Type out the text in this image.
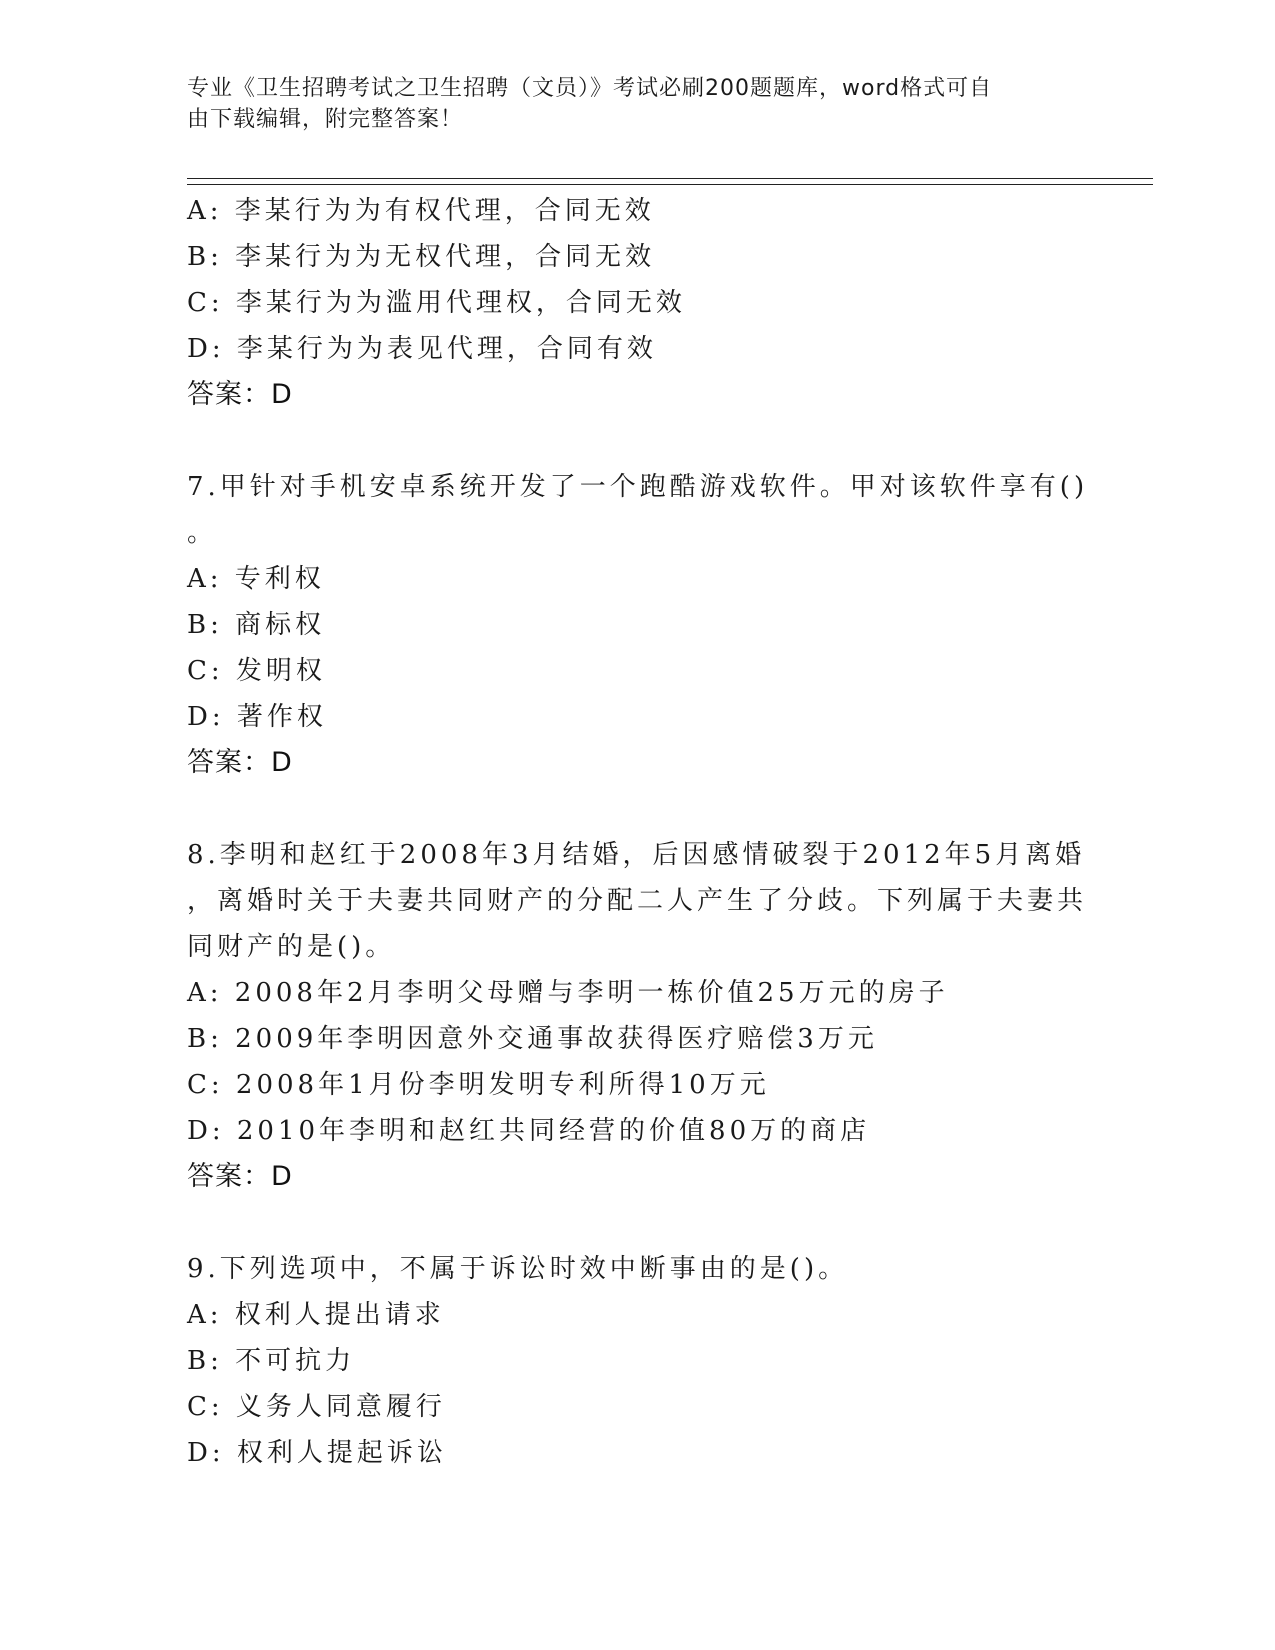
专业《卫生招聘考试之卫生招聘（文员）》考试必刷200题题库，word格式可自
由下载编辑，附完整答案！
A: 李某行为为有权代理，合同无效
B: 李某行为为无权代理，合同无效
C: 李某行为为滥用代理权，合同无效
D: 李某行为为表见代理，合同有效
答案：D
7.甲针对手机安卓系统开发了一个跑酷游戏软件。甲对该软件享有()
。
A: 专利权
B: 商标权
C: 发明权
D: 著作权
答案：D
8.李明和赵红于2008年3月结婚，后因感情破裂于2012年5月离婚
，离婚时关于夫妻共同财产的分配二人产生了分歧。下列属于夫妻共
同财产的是()。
A: 2008年2月李明父母赠与李明一栋价值25万元的房子
B: 2009年李明因意外交通事故获得医疗赔偿3万元
C: 2008年1月份李明发明专利所得10万元
D: 2010年李明和赵红共同经营的价值80万的商店
答案：D
9.下列选项中，不属于诉讼时效中断事由的是()。
A: 权利人提出请求
B: 不可抗力
C: 义务人同意履行
D: 权利人提起诉讼
